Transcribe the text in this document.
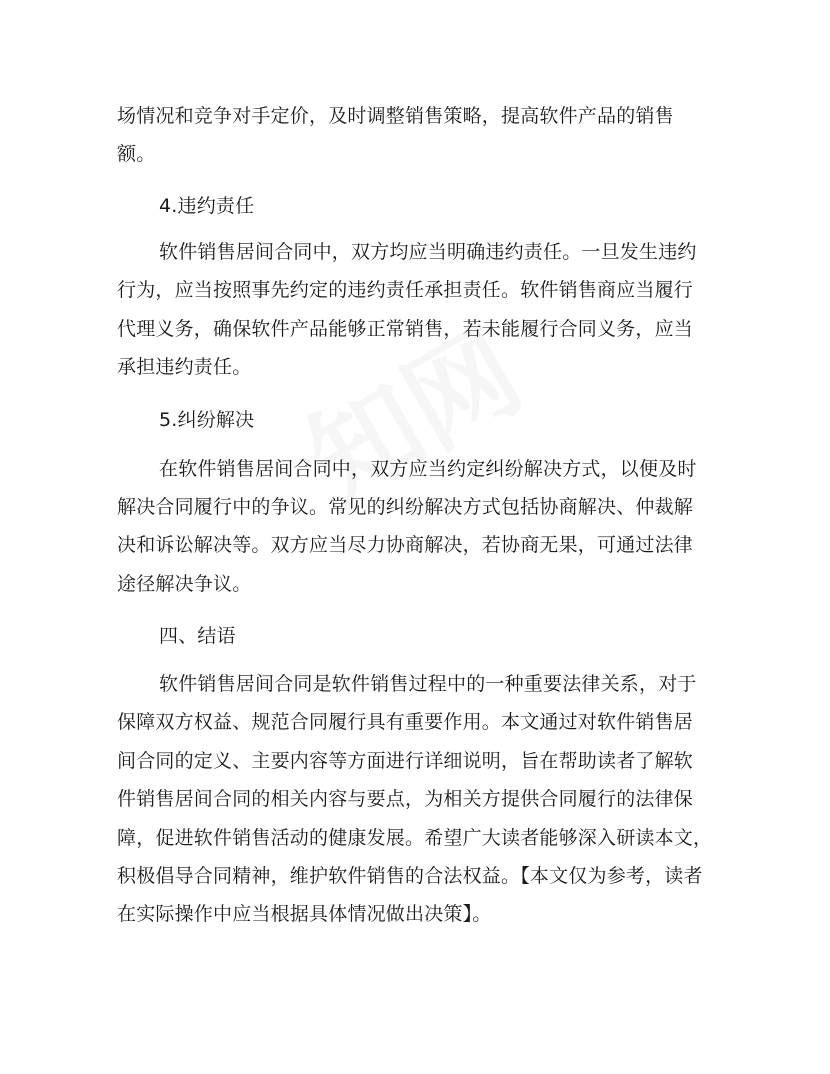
场情况和竞争对手定价，及时调整销售策略，提高软件产品的销售
额。
4.违约责任
软件销售居间合同中，双方均应当明确违约责任。一旦发生违约
行为，应当按照事先约定的违约责任承担责任。软件销售商应当履行
代理义务，确保软件产品能够正常销售，若未能履行合同义务，应当
承担违约责任。
5.纠纷解决
在软件销售居间合同中，双方应当约定纠纷解决方式，以便及时
解决合同履行中的争议。常见的纠纷解决方式包括协商解决、仲裁解
决和诉讼解决等。双方应当尽力协商解决，若协商无果，可通过法律
途径解决争议。
四、结语
软件销售居间合同是软件销售过程中的一种重要法律关系，对于
保障双方权益、规范合同履行具有重要作用。本文通过对软件销售居
间合同的定义、主要内容等方面进行详细说明，旨在帮助读者了解软
件销售居间合同的相关内容与要点，为相关方提供合同履行的法律保
障，促进软件销售活动的健康发展。希望广大读者能够深入研读本文，
积极倡导合同精神，维护软件销售的合法权益。【本文仅为参考，读者
在实际操作中应当根据具体情况做出决策】。
